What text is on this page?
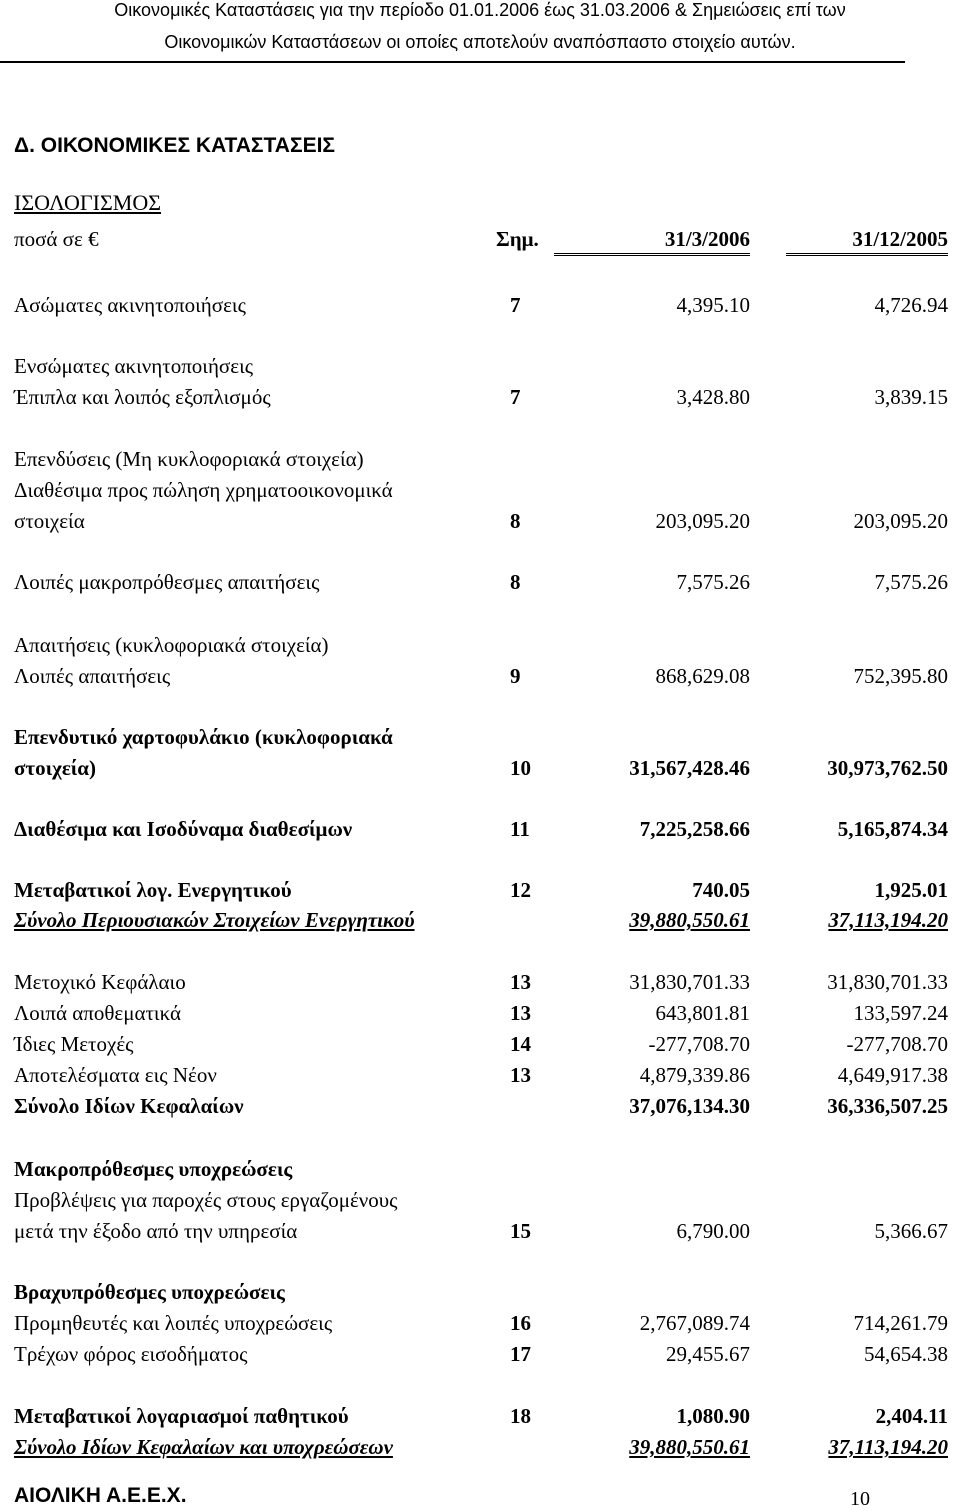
Οικονομικές Καταστάσεις για την περίοδο 01.01.2006 έως 31.03.2006 & Σημειώσεις επί των
Οικονομικών Καταστάσεων οι οποίες αποτελούν αναπόσπαστο στοιχείο αυτών.
Δ. ΟΙΚΟΝΟΜΙΚΕΣ ΚΑΤΑΣΤΑΣΕΙΣ
ΙΣΟΛΟΓΙΣΜΟΣ
ποσά σε €	Σημ.	31/3/2006	31/12/2005
Ασώματες ακινητοποιήσεις	7	4,395.10	4,726.94
Ενσώματες ακινητοποιήσεις
Έπιπλα και λοιπός εξοπλισμός	7	3,428.80	3,839.15
Επενδύσεις (Μη κυκλοφοριακά στοιχεία)
Διαθέσιμα προς πώληση χρηματοοικονομικά
στοιχεία	8	203,095.20	203,095.20
Λοιπές μακροπρόθεσμες απαιτήσεις	8	7,575.26	7,575.26
Απαιτήσεις (κυκλοφοριακά στοιχεία)
Λοιπές απαιτήσεις	9	868,629.08	752,395.80
Επενδυτικό χαρτοφυλάκιο (κυκλοφοριακά
στοιχεία)	10	31,567,428.46	30,973,762.50
Διαθέσιμα και Ισοδύναμα διαθεσίμων	11	7,225,258.66	5,165,874.34
Μεταβατικοί λογ. Ενεργητικού	12	740.05	1,925.01
Σύνολο Περιουσιακών Στοιχείων Ενεργητικού	39,880,550.61	37,113,194.20
Μετοχικό Κεφάλαιο	13	31,830,701.33	31,830,701.33
Λοιπά αποθεματικά	13	643,801.81	133,597.24
Ίδιες Μετοχές	14	-277,708.70	-277,708.70
Αποτελέσματα εις Νέον	13	4,879,339.86	4,649,917.38
Σύνολο Ιδίων Κεφαλαίων	37,076,134.30	36,336,507.25
Μακροπρόθεσμες υποχρεώσεις
Προβλέψεις για παροχές στους εργαζομένους
μετά την έξοδο από την υπηρεσία	15	6,790.00	5,366.67
Βραχυπρόθεσμες υποχρεώσεις
Προμηθευτές και λοιπές υποχρεώσεις	16	2,767,089.74	714,261.79
Τρέχων φόρος εισοδήματος	17	29,455.67	54,654.38
Μεταβατικοί λογαριασμοί παθητικού	18	1,080.90	2,404.11
Σύνολο Ιδίων Κεφαλαίων και υποχρεώσεων	39,880,550.61	37,113,194.20
ΑΙΟΛΙΚΗ Α.Ε.Ε.Χ.	10
